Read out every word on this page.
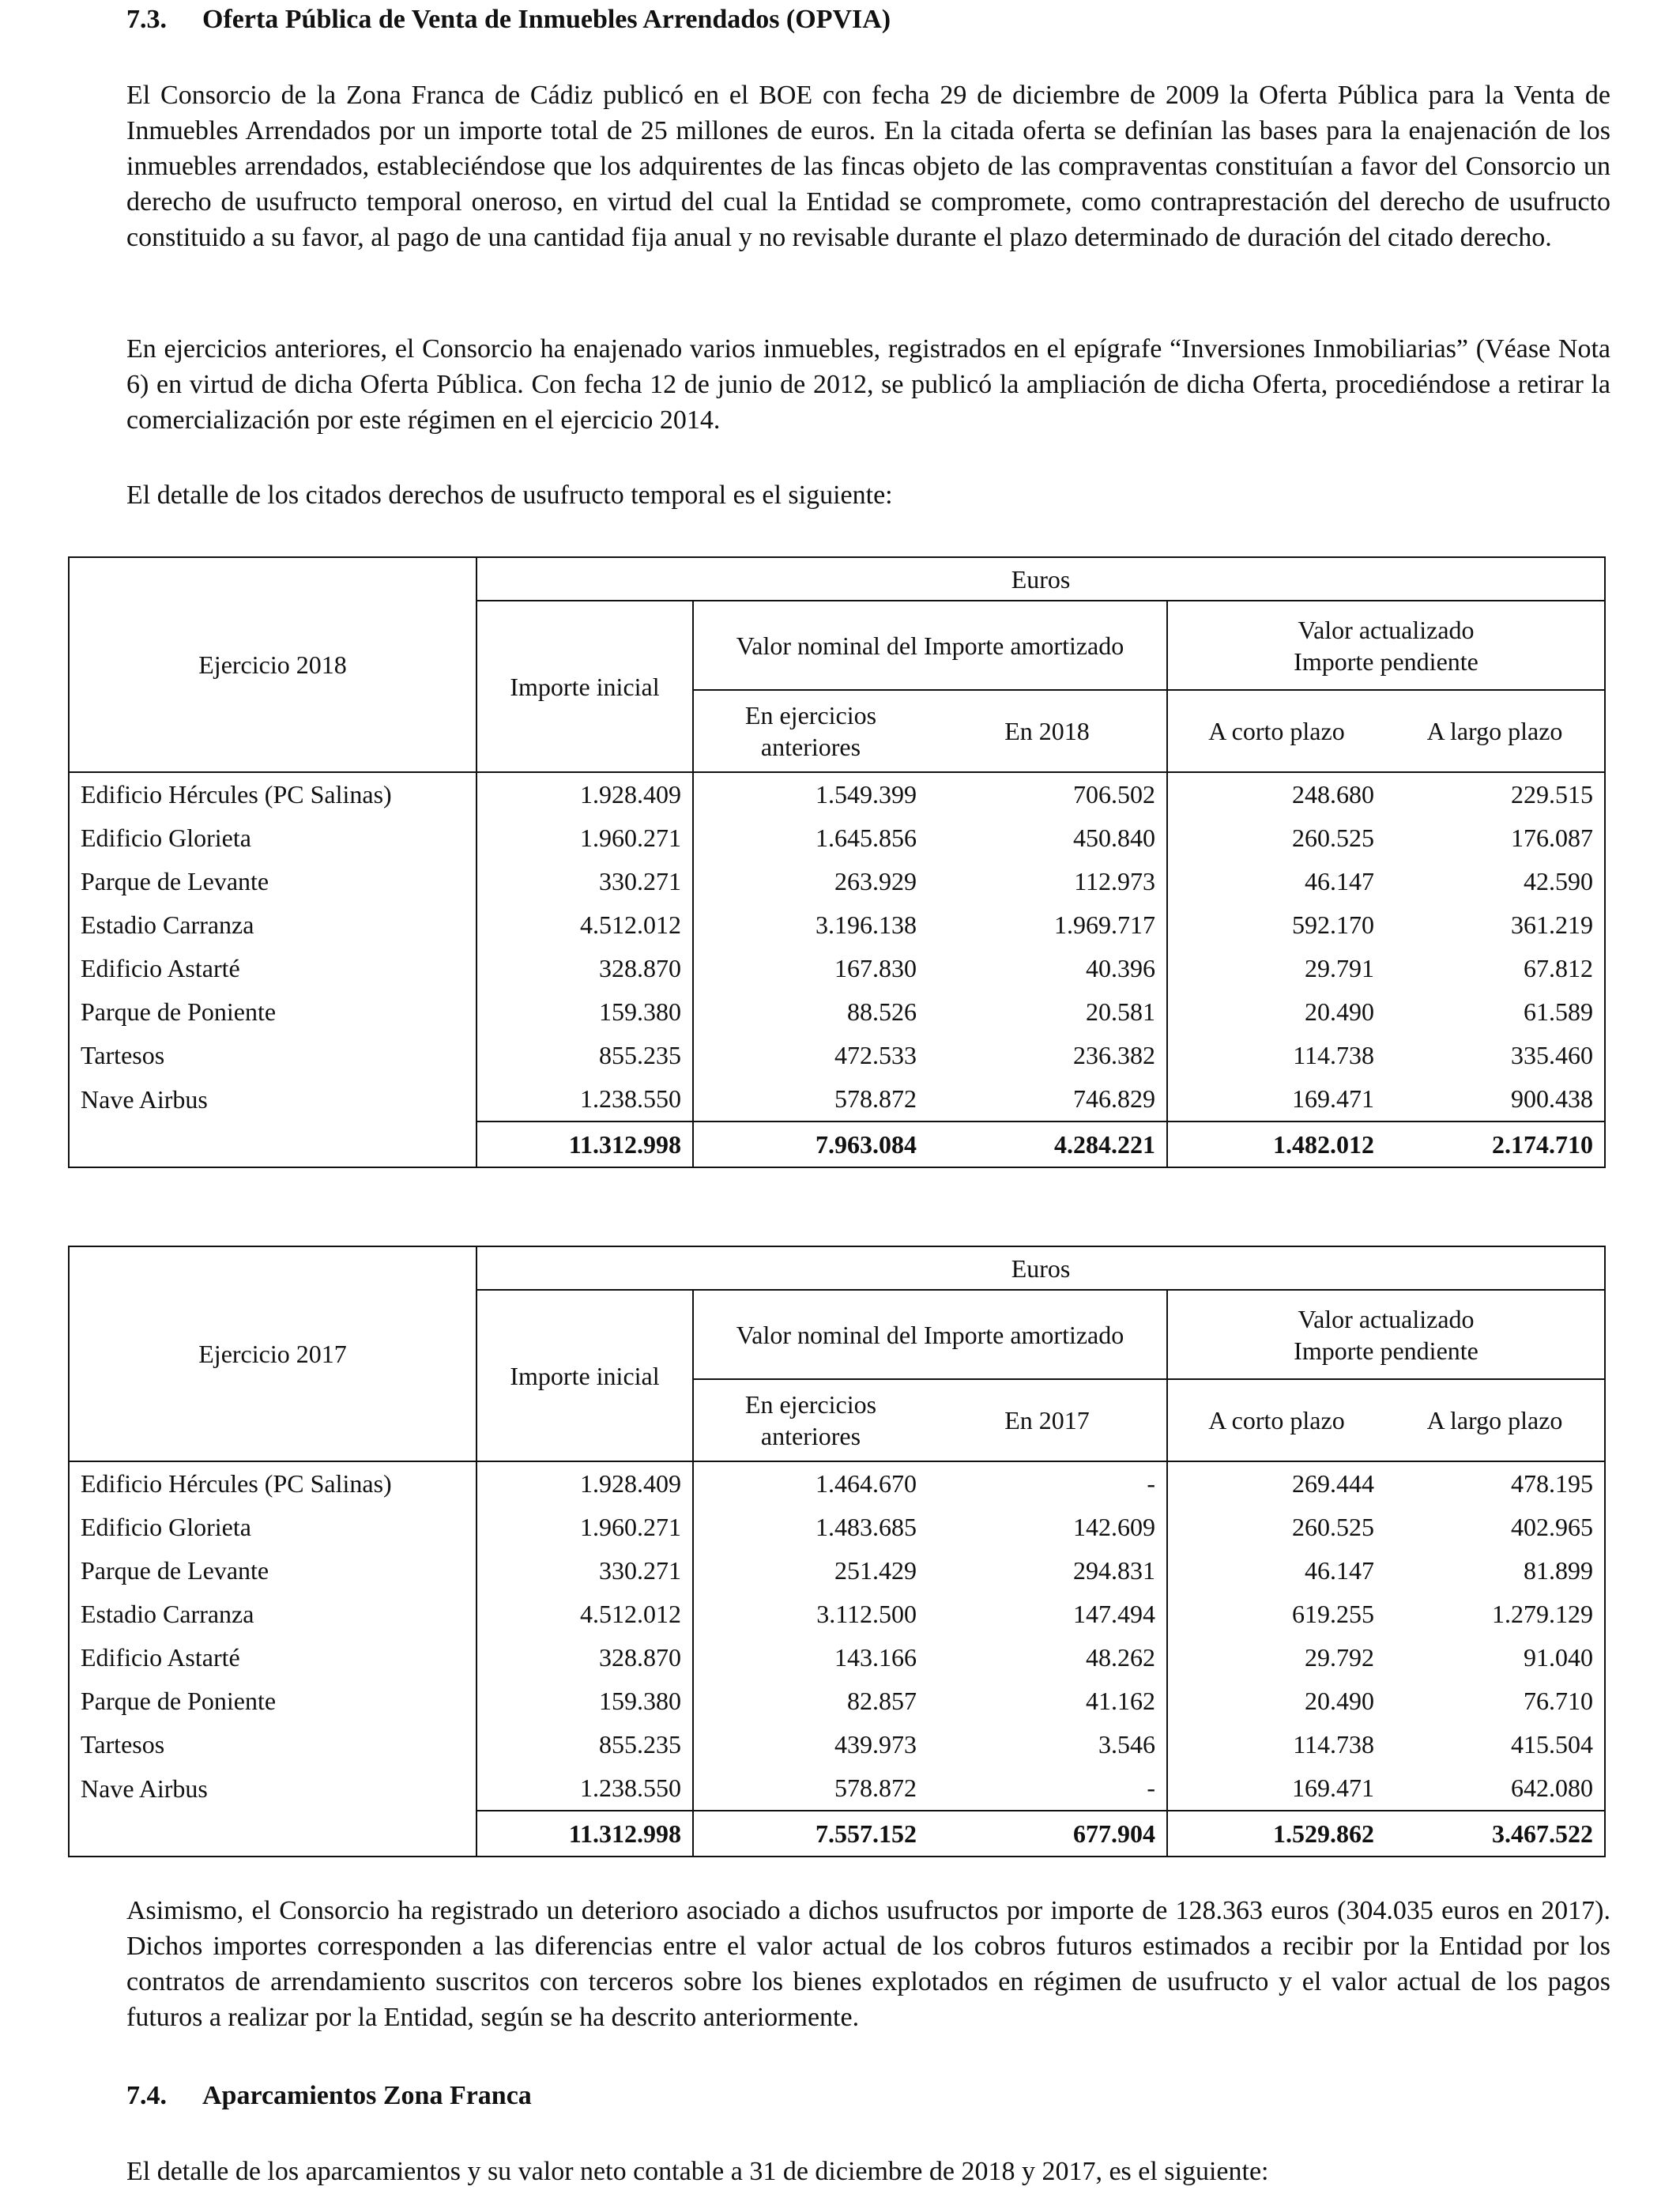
7.3. Oferta Pública de Venta de Inmuebles Arrendados (OPVIA)

El Consorcio de la Zona Franca de Cádiz publicó en el BOE con fecha 29 de diciembre de 2009 la Oferta Pública para la Venta de Inmuebles Arrendados por un importe total de 25 millones de euros. En la citada oferta se definían las bases para la enajenación de los inmuebles arrendados, estableciéndose que los adquirentes de las fincas objeto de las compraventas constituían a favor del Consorcio un derecho de usufructo temporal oneroso, en virtud del cual la Entidad se compromete, como contraprestación del derecho de usufructo constituido a su favor, al pago de una cantidad fija anual y no revisable durante el plazo determinado de duración del citado derecho.

En ejercicios anteriores, el Consorcio ha enajenado varios inmuebles, registrados en el epígrafe “Inversiones Inmobiliarias” (Véase Nota 6) en virtud de dicha Oferta Pública. Con fecha 12 de junio de 2012, se publicó la ampliación de dicha Oferta, procediéndose a retirar la comercialización por este régimen en el ejercicio 2014.

El detalle de los citados derechos de usufructo temporal es el siguiente:

Ejercicio 2018	Euros				
	Importe inicial	Valor nominal del Importe amortizado		Valor actualizado
Importe pendiente	

		En ejercicios
anteriores	En 2018	A corto plazo	A largo plazo
Edificio Hércules (PC Salinas)	1.928.409	1.549.399	706.502	248.680	229.515
Edificio Glorieta	1.960.271	1.645.856	450.840	260.525	176.087
Parque de Levante	330.271	263.929	112.973	46.147	42.590
Estadio Carranza	4.512.012	3.196.138	1.969.717	592.170	361.219
Edificio Astarté	328.870	167.830	40.396	29.791	67.812
Parque de Poniente	159.380	88.526	20.581	20.490	61.589
Tartesos	855.235	472.533	236.382	114.738	335.460
Nave Airbus	1.238.550	578.872	746.829	169.471	900.438
	11.312.998	7.963.084	4.284.221	1.482.012	2.174.710
Ejercicio 2017	Euros				
	Importe inicial	Valor nominal del Importe amortizado		Valor actualizado
Importe pendiente	

		En ejercicios
anteriores	En 2017	A corto plazo	A largo plazo
Edificio Hércules (PC Salinas)	1.928.409	1.464.670	-	269.444	478.195
Edificio Glorieta	1.960.271	1.483.685	142.609	260.525	402.965
Parque de Levante	330.271	251.429	294.831	46.147	81.899
Estadio Carranza	4.512.012	3.112.500	147.494	619.255	1.279.129
Edificio Astarté	328.870	143.166	48.262	29.792	91.040
Parque de Poniente	159.380	82.857	41.162	20.490	76.710
Tartesos	855.235	439.973	3.546	114.738	415.504
Nave Airbus	1.238.550	578.872	-	169.471	642.080
	11.312.998	7.557.152	677.904	1.529.862	3.467.522

Asimismo, el Consorcio ha registrado un deterioro asociado a dichos usufructos por importe de 128.363 euros (304.035 euros en 2017). Dichos importes corresponden a las diferencias entre el valor actual de los cobros futuros estimados a recibir por la Entidad por los contratos de arrendamiento suscritos con terceros sobre los bienes explotados en régimen de usufructo y el valor actual de los pagos futuros a realizar por la Entidad, según se ha descrito anteriormente.

7.4. Aparcamientos Zona Franca

El detalle de los aparcamientos y su valor neto contable a 31 de diciembre de 2018 y 2017, es el siguiente:
